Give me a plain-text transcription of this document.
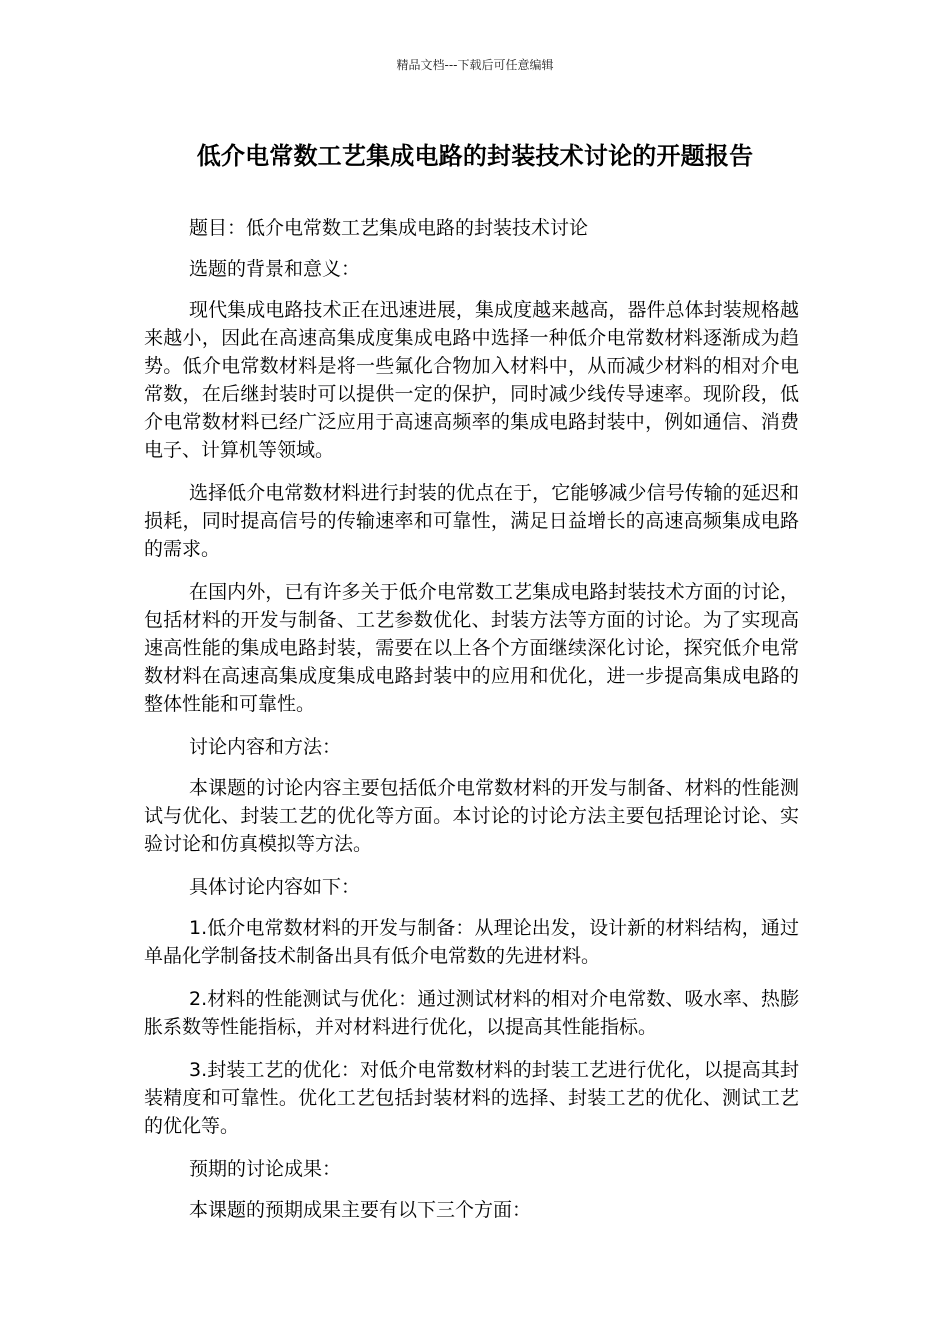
精品文档---下载后可任意编辑
低介电常数工艺集成电路的封装技术讨论的开题报告

题目：低介电常数工艺集成电路的封装技术讨论

选题的背景和意义：

现代集成电路技术正在迅速进展，集成度越来越高，器件总体封装规格越来越小，因此在高速高集成度集成电路中选择一种低介电常数材料逐渐成为趋势。低介电常数材料是将一些氟化合物加入材料中，从而减少材料的相对介电常数，在后继封装时可以提供一定的保护，同时减少线传导速率。现阶段，低介电常数材料已经广泛应用于高速高频率的集成电路封装中，例如通信、消费电子、计算机等领域。

选择低介电常数材料进行封装的优点在于，它能够减少信号传输的延迟和损耗，同时提高信号的传输速率和可靠性，满足日益增长的高速高频集成电路的需求。

在国内外，已有许多关于低介电常数工艺集成电路封装技术方面的讨论，包括材料的开发与制备、工艺参数优化、封装方法等方面的讨论。为了实现高速高性能的集成电路封装，需要在以上各个方面继续深化讨论，探究低介电常数材料在高速高集成度集成电路封装中的应用和优化，进一步提高集成电路的整体性能和可靠性。

讨论内容和方法：

本课题的讨论内容主要包括低介电常数材料的开发与制备、材料的性能测试与优化、封装工艺的优化等方面。本讨论的讨论方法主要包括理论讨论、实验讨论和仿真模拟等方法。

具体讨论内容如下：

1.低介电常数材料的开发与制备：从理论出发，设计新的材料结构，通过单晶化学制备技术制备出具有低介电常数的先进材料。

2.材料的性能测试与优化：通过测试材料的相对介电常数、吸水率、热膨胀系数等性能指标，并对材料进行优化，以提高其性能指标。

3.封装工艺的优化：对低介电常数材料的封装工艺进行优化，以提高其封装精度和可靠性。优化工艺包括封装材料的选择、封装工艺的优化、测试工艺的优化等。

预期的讨论成果：

本课题的预期成果主要有以下三个方面：
